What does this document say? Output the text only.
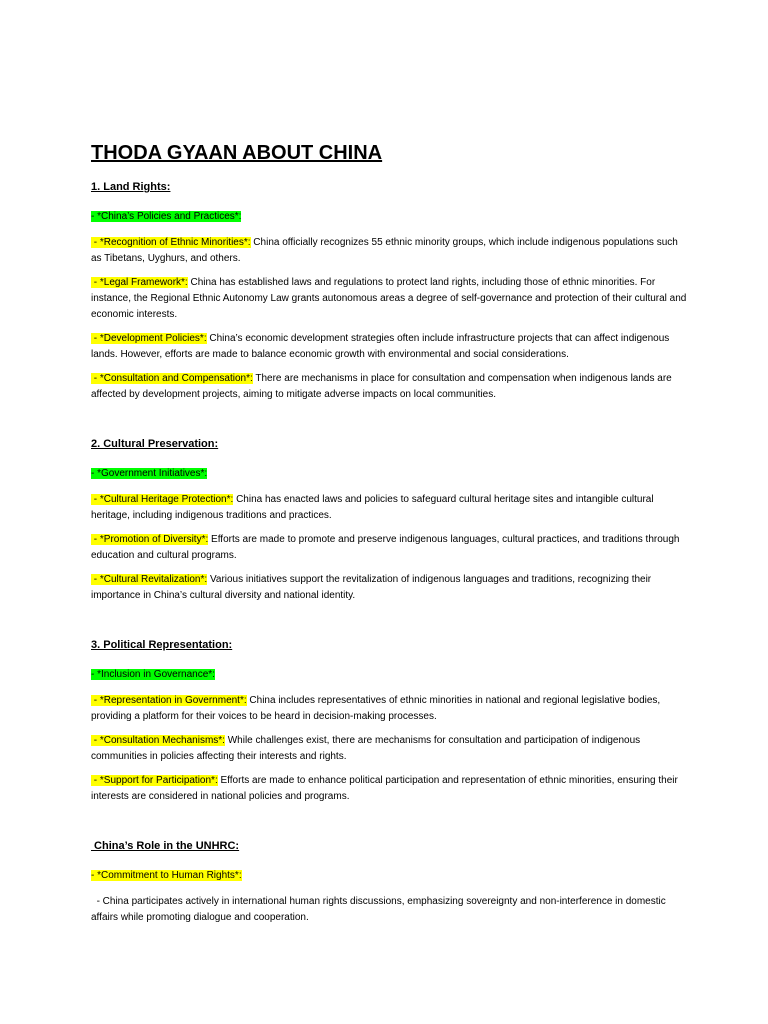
THODA GYAAN ABOUT CHINA
1. Land Rights:
- *China’s Policies and Practices*:
- *Recognition of Ethnic Minorities*: China officially recognizes 55 ethnic minority groups, which include indigenous populations such as Tibetans, Uyghurs, and others.
- *Legal Framework*: China has established laws and regulations to protect land rights, including those of ethnic minorities. For instance, the Regional Ethnic Autonomy Law grants autonomous areas a degree of self-governance and protection of their cultural and economic interests.
- *Development Policies*: China’s economic development strategies often include infrastructure projects that can affect indigenous lands. However, efforts are made to balance economic growth with environmental and social considerations.
- *Consultation and Compensation*: There are mechanisms in place for consultation and compensation when indigenous lands are affected by development projects, aiming to mitigate adverse impacts on local communities.
2. Cultural Preservation:
- *Government Initiatives*:
- *Cultural Heritage Protection*: China has enacted laws and policies to safeguard cultural heritage sites and intangible cultural heritage, including indigenous traditions and practices.
- *Promotion of Diversity*: Efforts are made to promote and preserve indigenous languages, cultural practices, and traditions through education and cultural programs.
- *Cultural Revitalization*: Various initiatives support the revitalization of indigenous languages and traditions, recognizing their importance in China’s cultural diversity and national identity.
3. Political Representation:
- *Inclusion in Governance*:
- *Representation in Government*: China includes representatives of ethnic minorities in national and regional legislative bodies, providing a platform for their voices to be heard in decision-making processes.
- *Consultation Mechanisms*: While challenges exist, there are mechanisms for consultation and participation of indigenous communities in policies affecting their interests and rights.
- *Support for Participation*: Efforts are made to enhance political participation and representation of ethnic minorities, ensuring their interests are considered in national policies and programs.
China’s Role in the UNHRC:
- *Commitment to Human Rights*:
- China participates actively in international human rights discussions, emphasizing sovereignty and non-interference in domestic affairs while promoting dialogue and cooperation.
